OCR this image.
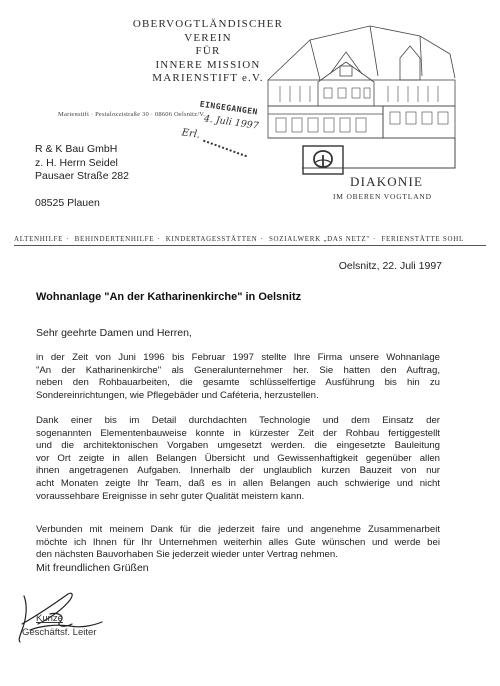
OBERVOGTLÄNDISCHER
VEREIN
FÜR
INNERE MISSION
MARIENSTIFT e.V.
EINGEGANGEN
4. Juli 1997
Erl.
Marienstift · Pestalozzistraße 30 · 08606 Oelsnitz/V.
DIAKONIE
IM OBEREN VOGTLAND
R & K Bau GmbH
z. H. Herrn Seidel
Pausaer Straße 282
08525 Plauen
ALTENHILFE · BEHINDERTENHILFE · KINDERTAGESSTÄTTEN · SOZIALWERK „DAS NETZ" · FERIENSTÄTTE SOHL
Oelsnitz, 22. Juli 1997
Wohnanlage "An der Katharinenkirche" in Oelsnitz
Sehr geehrte Damen und Herren,
in der Zeit von Juni 1996 bis Februar 1997 stellte Ihre Firma unsere Wohnanlage
"An der Katharinenkirche" als Generalunternehmer her. Sie hatten den Auftrag,
neben den Rohbauarbeiten, die gesamte schlüsselfertige Ausführung bis hin zu
Sondereinrichtungen, wie Pflegebäder und Caféteria, herzustellen.
Dank einer bis im Detail durchdachten Technologie und dem Einsatz der
sogenannten Elementenbauweise konnte in kürzester Zeit der Rohbau fertiggestellt
und die architektonischen Vorgaben umgesetzt werden. die eingesetzte Bauleitung
vor Ort zeigte in allen Belangen Übersicht und Gewissenhaftigkeit gegenüber allen
ihnen angetragenen Aufgaben. Innerhalb der unglaublich kurzen Bauzeit von nur
acht Monaten zeigte Ihr Team, daß es in allen Belangen auch schwierige und nicht
voraussehbare Ereignisse in sehr guter Qualität meistern kann.
Verbunden mit meinem Dank für die jederzeit faire und angenehme Zusammenarbeit
möchte ich Ihnen für Ihr Unternehmen weiterhin alles Gute wünschen und werde bei
den nächsten Bauvorhaben Sie jederzeit wieder unter Vertrag nehmen.
Mit freundlichen Grüßen
Kunze
Geschäftsf. Leiter
